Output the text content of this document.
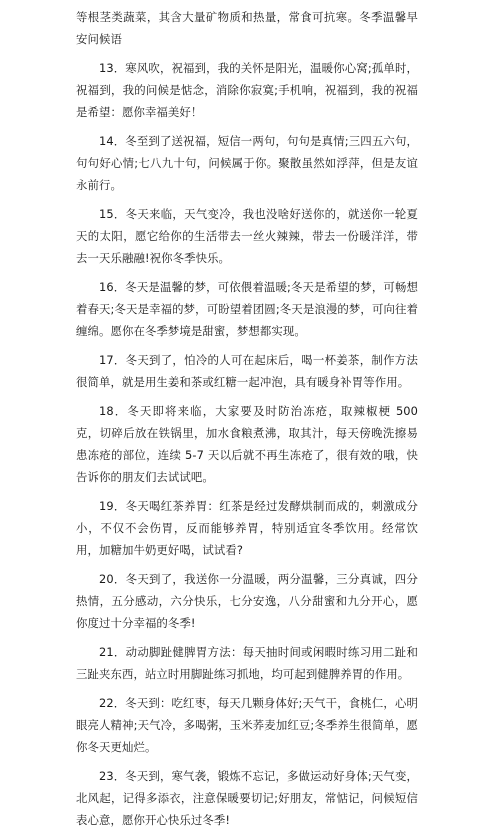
等根茎类蔬菜，其含大量矿物质和热量，常食可抗寒。冬季温馨早安问候语

13．寒风吹，祝福到，我的关怀是阳光，温暖你心窝;孤单时，祝福到，我的问候是惦念，消除你寂寞;手机响，祝福到，我的祝福是希望：愿你幸福美好！

14．冬至到了送祝福，短信一两句，句句是真情;三四五六句，句句好心情;七八九十句，问候属于你。聚散虽然如浮萍，但是友谊永前行。

15．冬天来临，天气变冷，我也没啥好送你的，就送你一轮夏天的太阳，愿它给你的生活带去一丝火辣辣，带去一份暖洋洋，带去一天乐融融!祝你冬季快乐。

16．冬天是温馨的梦，可依偎着温暖;冬天是希望的梦，可畅想着春天;冬天是幸福的梦，可盼望着团圆;冬天是浪漫的梦，可向往着缠绵。愿你在冬季梦境是甜蜜，梦想都实现。

17．冬天到了，怕冷的人可在起床后，喝一杯姜茶，制作方法很简单，就是用生姜和茶或红糖一起冲泡，具有暖身补胃等作用。

18．冬天即将来临，大家要及时防治冻疮，取辣椒梗 500 克，切碎后放在铁锅里，加水食粮煮沸，取其汁，每天傍晚洗擦易患冻疮的部位，连续 5-7 天以后就不再生冻疮了，很有效的哦，快告诉你的朋友们去试试吧。

19．冬天喝红茶养胃：红茶是经过发酵烘制而成的，刺激成分小，不仅不会伤胃，反而能够养胃，特别适宜冬季饮用。经常饮用，加糖加牛奶更好喝，试试看?

20．冬天到了，我送你一分温暖，两分温馨，三分真诚，四分热情，五分感动，六分快乐，七分安逸，八分甜蜜和九分开心，愿你度过十分幸福的冬季!

21．动动脚趾健脾胃方法：每天抽时间或闲暇时练习用二趾和三趾夹东西，站立时用脚趾练习抓地，均可起到健脾养胃的作用。

22．冬天到：吃红枣，每天几颗身体好;天气干，食桃仁，心明眼亮人精神;天气冷，多喝粥，玉米荞麦加红豆;冬季养生很简单，愿你冬天更灿烂。

23．冬天到，寒气袭，锻炼不忘记，多做运动好身体;天气变，北风起，记得多添衣，注意保暖要切记;好朋友，常惦记，问候短信表心意，愿你开心快乐过冬季!
